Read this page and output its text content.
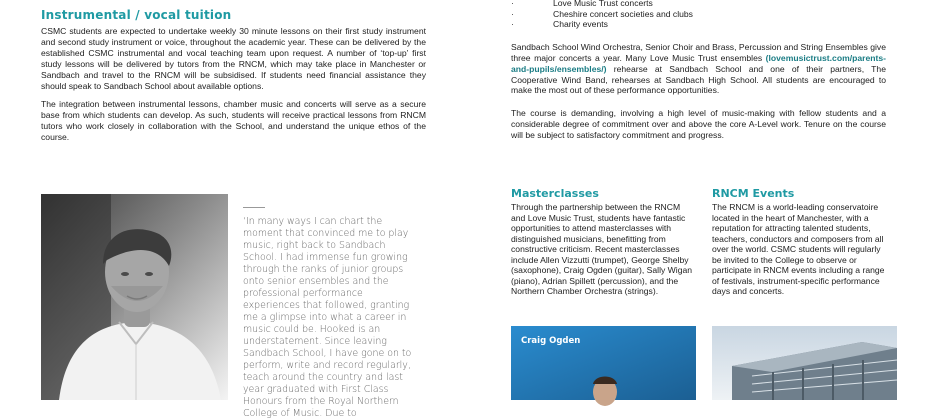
Instrumental / vocal tuition

CSMC students are expected to undertake weekly 30 minute lessons on their first study instrument and second study instrument or voice, throughout the academic year. These can be delivered by the established CSMC instrumental and vocal teaching team upon request. A number of ‘top-up’ first study lessons will be delivered by tutors from the RNCM, which may take place in Manchester or Sandbach and travel to the RNCM will be subsidised. If students need financial assistance they should speak to Sandbach School about available options.

The integration between instrumental lessons, chamber music and concerts will serve as a secure base from which students can develop. As such, students will receive practical lessons from RNCM tutors who work closely in collaboration with the School, and understand the unique ethos of the course.

‘In many ways I can chart the moment that convinced me to play music, right back to Sandbach School. I had immense fun growing through the ranks of junior groups onto senior ensembles and the professional performance experiences that followed, granting me a glimpse into what a career in music could be. Hooked is an understatement. Since leaving Sandbach School, I have gone on to perform, write and record regularly, teach around the country and last year graduated with First Class Honours from the Royal Northern College of Music. Due to
· Love Music Trust concerts
· Cheshire concert societies and clubs
· Charity events

Sandbach School Wind Orchestra, Senior Choir and Brass, Percussion and String Ensembles give three major concerts a year. Many Love Music Trust ensembles (lovemusictrust.com/parents-and-pupils/ensembles/) rehearse at Sandbach School and one of their partners, The Cooperative Wind Band, rehearses at Sandbach High School. All students are encouraged to make the most out of these performance opportunities.

The course is demanding, involving a high level of music-making with fellow students and a considerable degree of commitment over and above the core A-Level work. Tenure on the course will be subject to satisfactory commitment and progress.

Masterclasses
Through the partnership between the RNCM and Love Music Trust, students have fantastic opportunities to attend masterclasses with distinguished musicians, benefitting from constructive criticism. Recent masterclasses include Allen Vizzutti (trumpet), George Shelby (saxophone), Craig Ogden (guitar), Sally Wigan (piano), Adrian Spillett (percussion), and the Northern Chamber Orchestra (strings).
RNCM Events
The RNCM is a world-leading conservatoire located in the heart of Manchester, with a reputation for attracting talented students, teachers, conductors and composers from all over the world. CSMC students will regularly be invited to the College to observe or participate in RNCM events including a range of festivals, instrument-specific performance days and concerts.
Craig Ogden
